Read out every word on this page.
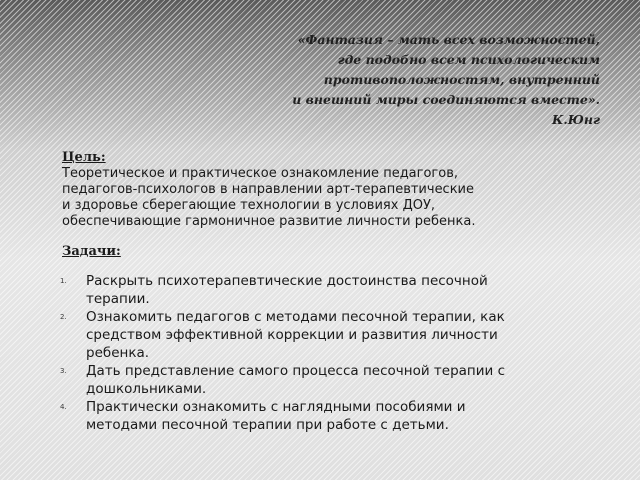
«Фантазия – мать всех возможностей,
где подобно всем психологическим
противоположностям, внутренний
и внешний миры соединяются вместе».
К.Юнг
Цель:
Теоретическое и практическое ознакомление педагогов,
педагогов-психологов в направлении арт-терапевтические
и здоровье сберегающие технологии в условиях ДОУ,
обеспечивающие гармоничное развитие личности ребенка.
Задачи:
1. Раскрыть психотерапевтические достоинства песочной
терапии.
2. Ознакомить педагогов с методами песочной терапии, как
средством эффективной коррекции и развития личности
ребенка.
3. Дать представление самого процесса песочной терапии с
дошкольниками.
4. Практически ознакомить с наглядными пособиями и
методами песочной терапии при работе с детьми.
